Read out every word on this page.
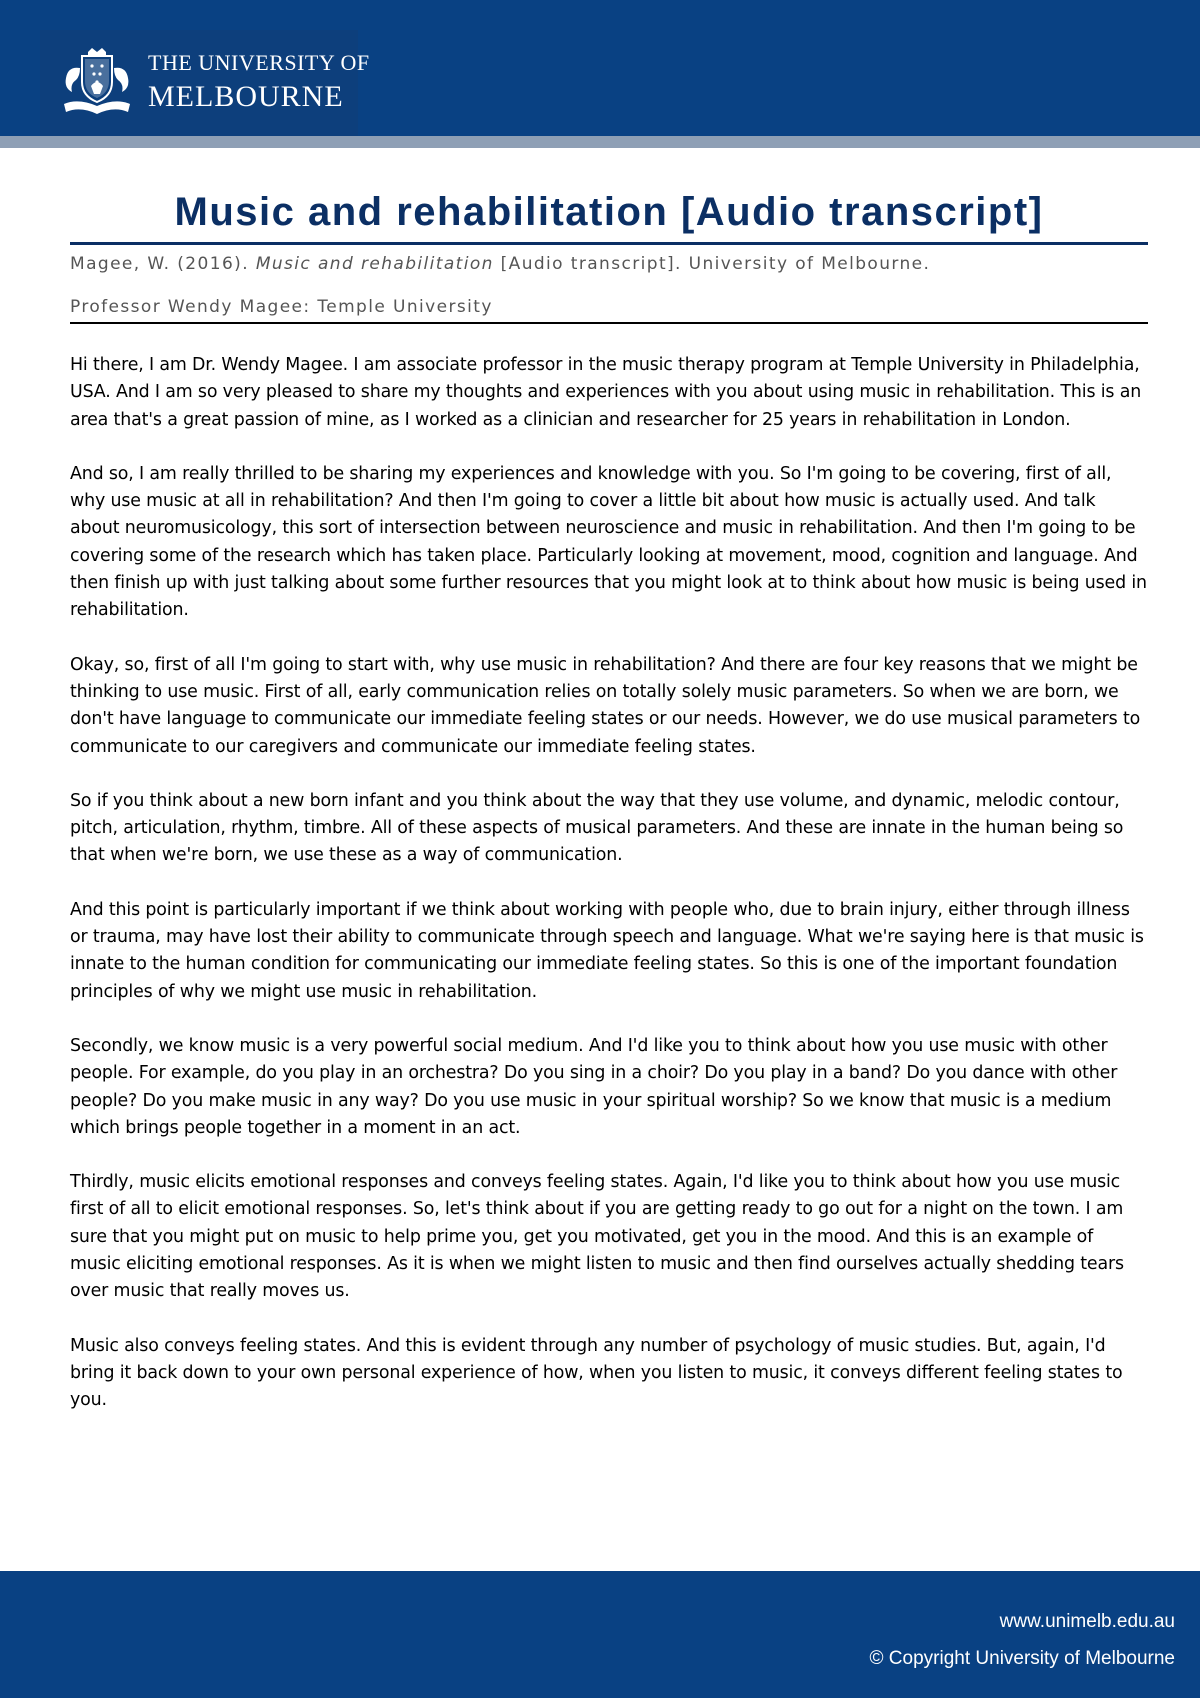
THE UNIVERSITY OF
MELBOURNE
Music and rehabilitation [Audio transcript]
Magee, W. (2016). Music and rehabilitation [Audio transcript]. University of Melbourne.
Professor Wendy Magee: Temple University

Hi there, I am Dr. Wendy Magee. I am associate professor in the music therapy program at Temple University in Philadelphia, USA. And I am so very pleased to share my thoughts and experiences with you about using music in rehabilitation. This is an area that's a great passion of mine, as I worked as a clinician and researcher for 25 years in rehabilitation in London.

And so, I am really thrilled to be sharing my experiences and knowledge with you. So I'm going to be covering, first of all, why use music at all in rehabilitation? And then I'm going to cover a little bit about how music is actually used. And talk about neuromusicology, this sort of intersection between neuroscience and music in rehabilitation. And then I'm going to be covering some of the research which has taken place. Particularly looking at movement, mood, cognition and language. And then finish up with just talking about some further resources that you might look at to think about how music is being used in rehabilitation.

Okay, so, first of all I'm going to start with, why use music in rehabilitation? And there are four key reasons that we might be thinking to use music. First of all, early communication relies on totally solely music parameters. So when we are born, we don't have language to communicate our immediate feeling states or our needs. However, we do use musical parameters to communicate to our caregivers and communicate our immediate feeling states.

So if you think about a new born infant and you think about the way that they use volume, and dynamic, melodic contour, pitch, articulation, rhythm, timbre. All of these aspects of musical parameters. And these are innate in the human being so that when we're born, we use these as a way of communication.

And this point is particularly important if we think about working with people who, due to brain injury, either through illness or trauma, may have lost their ability to communicate through speech and language. What we're saying here is that music is innate to the human condition for communicating our immediate feeling states. So this is one of the important foundation principles of why we might use music in rehabilitation.

Secondly, we know music is a very powerful social medium. And I'd like you to think about how you use music with other people. For example, do you play in an orchestra? Do you sing in a choir? Do you play in a band? Do you dance with other people? Do you make music in any way? Do you use music in your spiritual worship? So we know that music is a medium which brings people together in a moment in an act.

Thirdly, music elicits emotional responses and conveys feeling states. Again, I'd like you to think about how you use music first of all to elicit emotional responses. So, let's think about if you are getting ready to go out for a night on the town. I am sure that you might put on music to help prime you, get you motivated, get you in the mood. And this is an example of music eliciting emotional responses. As it is when we might listen to music and then find ourselves actually shedding tears over music that really moves us.

Music also conveys feeling states. And this is evident through any number of psychology of music studies. But, again, I'd bring it back down to your own personal experience of how, when you listen to music, it conveys different feeling states to you.

www.unimelb.edu.au
© Copyright University of Melbourne
